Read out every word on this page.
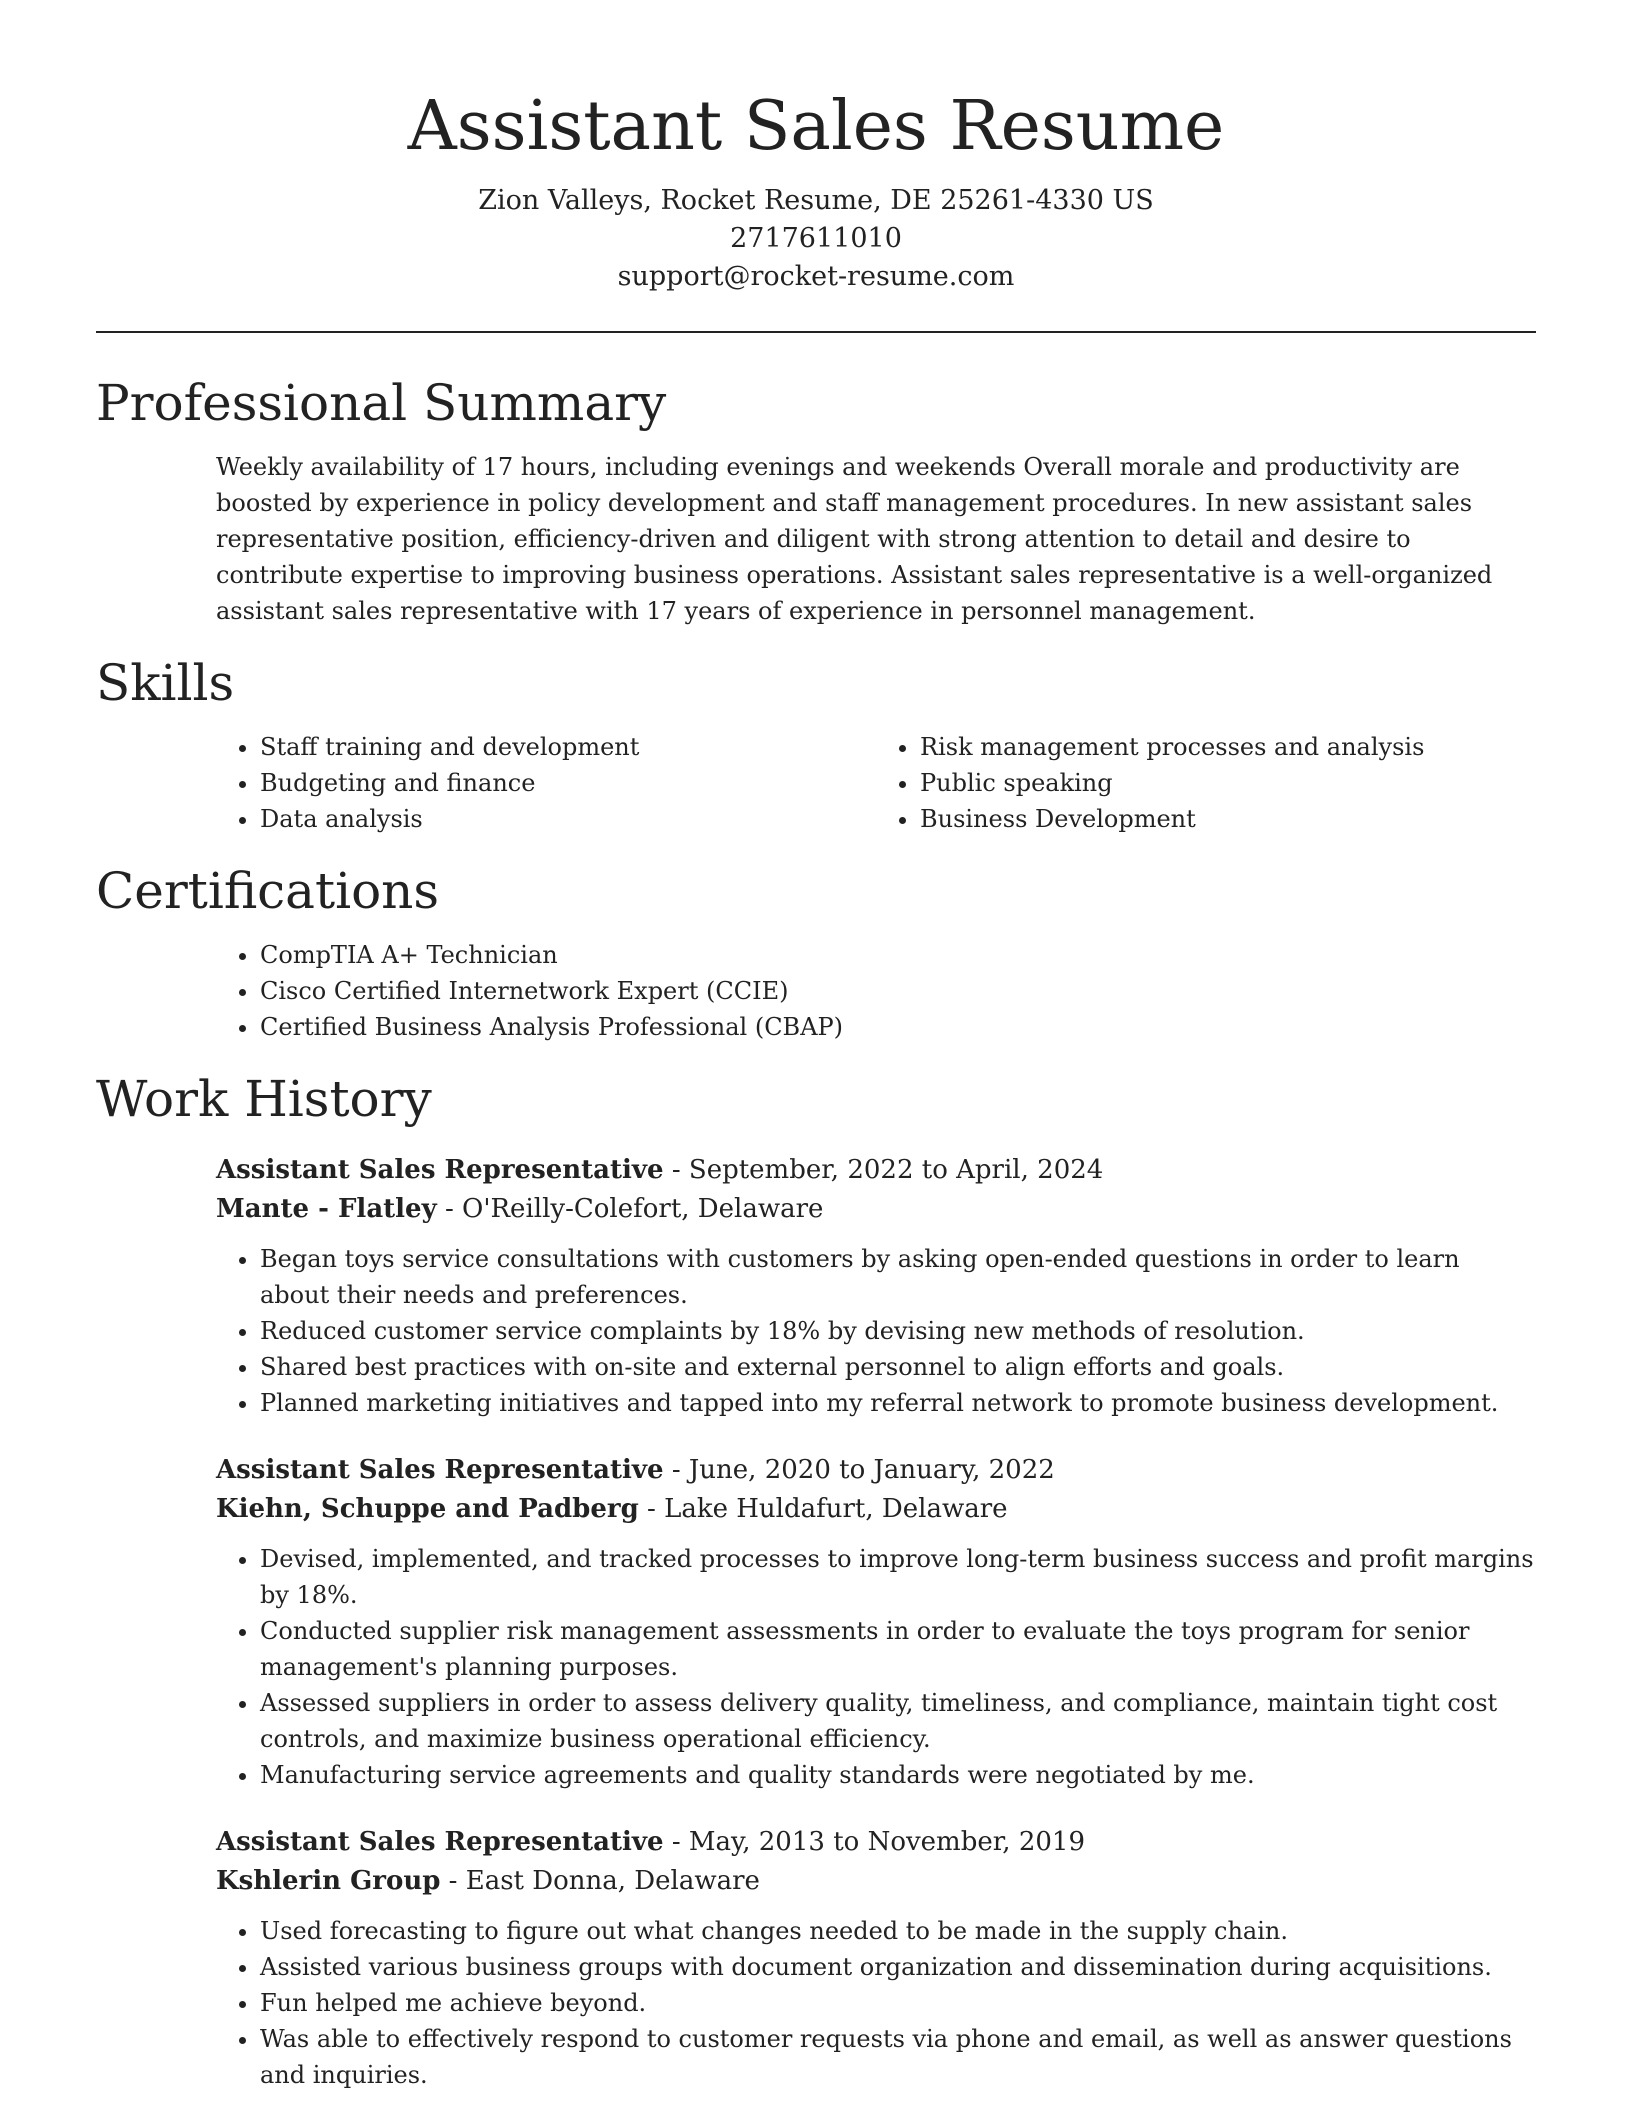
Assistant Sales Resume
Zion Valleys, Rocket Resume, DE 25261-4330 US
2717611010
support@rocket-resume.com
Professional Summary

Weekly availability of 17 hours, including evenings and weekends Overall morale and productivity are boosted by experience in policy development and staff management procedures. In new assistant sales representative position, efficiency-driven and diligent with strong attention to detail and desire to contribute expertise to improving business operations. Assistant sales representative is a well-organized assistant sales representative with 17 years of experience in personnel management.

Skills
• Staff training and development
• Budgeting and finance
• Data analysis
• Risk management processes and analysis
• Public speaking
• Business Development
Certifications
• CompTIA A+ Technician
• Cisco Certified Internetwork Expert (CCIE)
• Certified Business Analysis Professional (CBAP)
Work History
Assistant Sales Representative - September, 2022 to April, 2024
Mante - Flatley - O'Reilly-Colefort, Delaware
• Began toys service consultations with customers by asking open-ended questions in order to learn about their needs and preferences.
• Reduced customer service complaints by 18% by devising new methods of resolution.
• Shared best practices with on-site and external personnel to align efforts and goals.
• Planned marketing initiatives and tapped into my referral network to promote business development.
Assistant Sales Representative - June, 2020 to January, 2022
Kiehn, Schuppe and Padberg - Lake Huldafurt, Delaware
• Devised, implemented, and tracked processes to improve long-term business success and profit margins by 18%.
• Conducted supplier risk management assessments in order to evaluate the toys program for senior management's planning purposes.
• Assessed suppliers in order to assess delivery quality, timeliness, and compliance, maintain tight cost controls, and maximize business operational efficiency.
• Manufacturing service agreements and quality standards were negotiated by me.
Assistant Sales Representative - May, 2013 to November, 2019
Kshlerin Group - East Donna, Delaware
• Used forecasting to figure out what changes needed to be made in the supply chain.
• Assisted various business groups with document organization and dissemination during acquisitions.
• Fun helped me achieve beyond.
• Was able to effectively respond to customer requests via phone and email, as well as answer questions and inquiries.
